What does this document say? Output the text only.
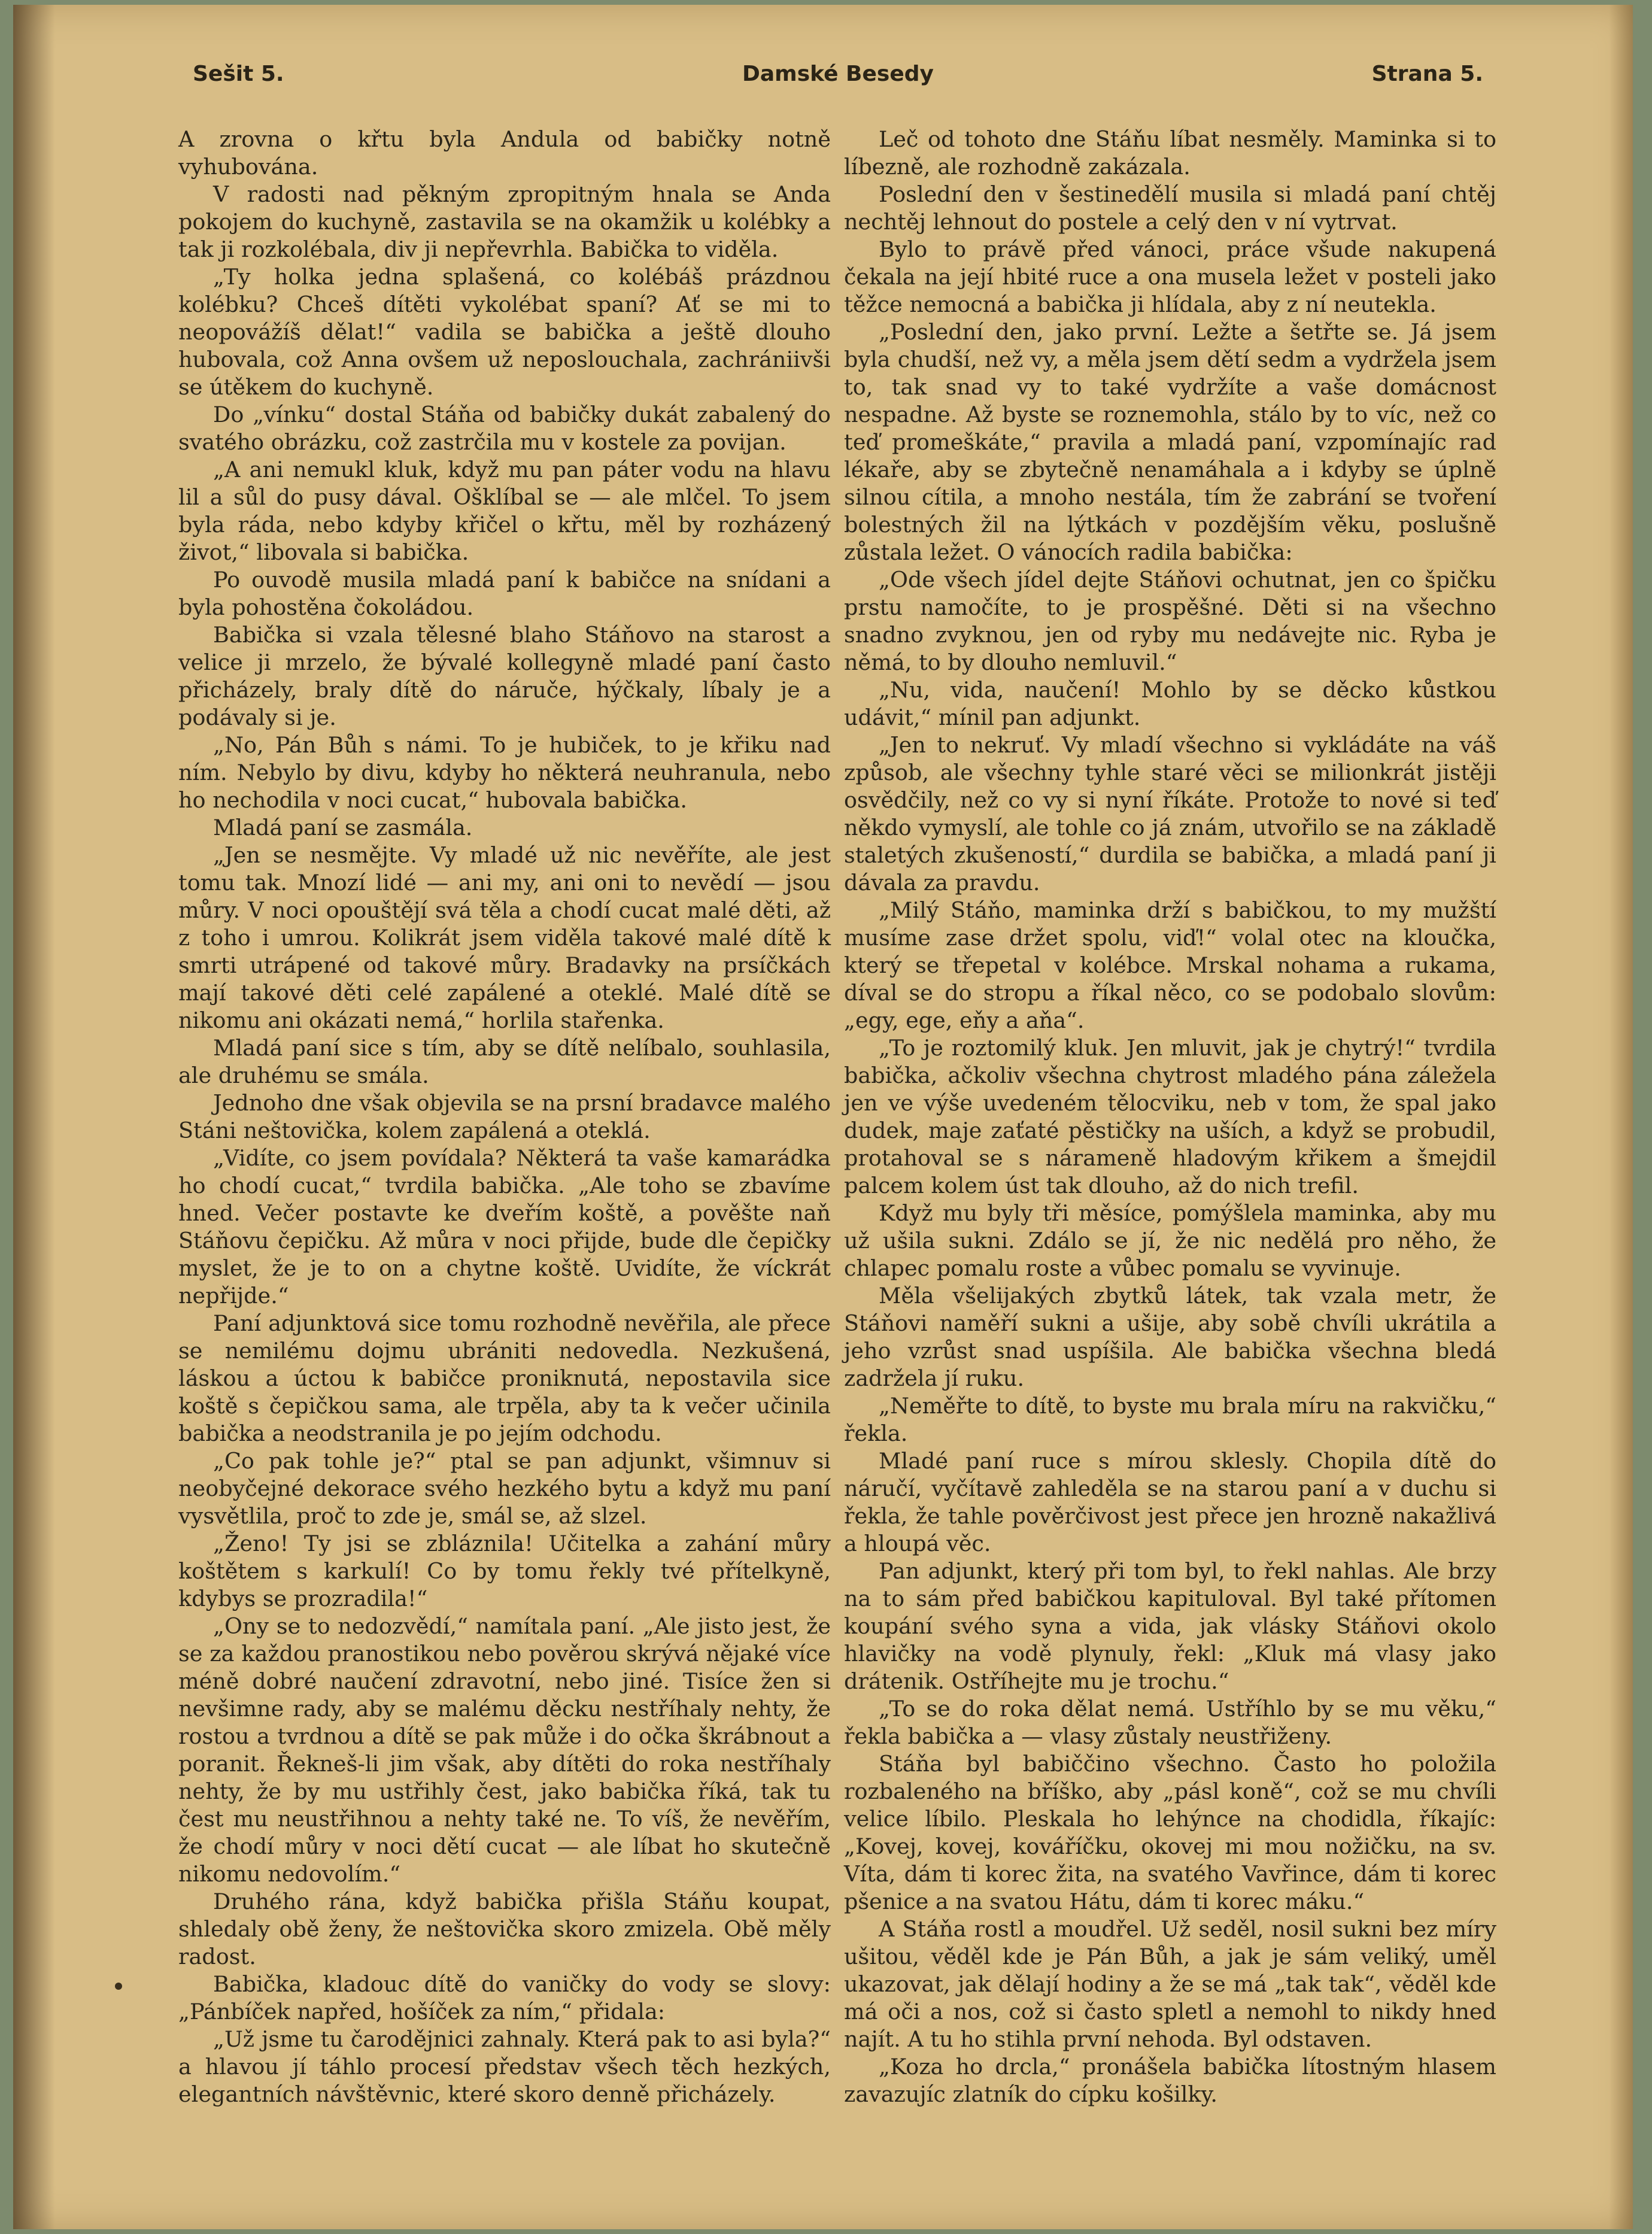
Sešit 5.	Damské Besedy	Strana 5.

A zrovna o křtu byla Andula od babičky notně vyhubována.

V radosti nad pěkným zpropitným hnala se Anda pokojem do kuchyně, zastavila se na okamžik u kolébky a tak ji rozkolébala, div ji nepřevrhla. Babička to viděla.

„Ty holka jedna splašená, co kolébáš prázdnou kolébku? Chceš dítěti vykolébat spaní? Ať se mi to neopovážíš dělat!“ vadila se babička a ještě dlouho hubovala, což Anna ovšem už neposlouchala, zachrániivši se útěkem do kuchyně.

Do „vínku“ dostal Stáňa od babičky dukát zabalený do svatého obrázku, což zastrčila mu v kostele za povijan.

„A ani nemukl kluk, když mu pan páter vodu na hlavu lil a sůl do pusy dával. Ošklíbal se — ale mlčel. To jsem byla ráda, nebo kdyby křičel o křtu, měl by rozházený život,“ libovala si babička.

Po ouvodě musila mladá paní k babičce na snídani a byla pohostěna čokoládou.

Babička si vzala tělesné blaho Stáňovo na starost a velice ji mrzelo, že bývalé kollegyně mladé paní často přicházely, braly dítě do náruče, hýčkaly, líbaly je a podávaly si je.

„No, Pán Bůh s námi. To je hubiček, to je křiku nad ním. Nebylo by divu, kdyby ho některá neuhranula, nebo ho nechodila v noci cucat,“ hubovala babička.

Mladá paní se zasmála.

„Jen se nesmějte. Vy mladé už nic nevěříte, ale jest tomu tak. Mnozí lidé — ani my, ani oni to nevědí — jsou můry. V noci opouštějí svá těla a chodí cucat malé děti, až z toho i umrou. Kolikrát jsem viděla takové malé dítě k smrti utrápené od takové můry. Bradavky na prsíčkách mají takové děti celé zapálené a oteklé. Malé dítě se nikomu ani okázati nemá,“ horlila stařenka.

Mladá paní sice s tím, aby se dítě nelíbalo, souhlasila, ale druhému se smála.

Jednoho dne však objevila se na prsní bradavce malého Stáni neštovička, kolem zapálená a oteklá.

„Vidíte, co jsem povídala? Některá ta vaše kamarádka ho chodí cucat,“ tvrdila babička. „Ale toho se zbavíme hned. Večer postavte ke dveřím koště, a pověšte naň Stáňovu čepičku. Až můra v noci přijde, bude dle čepičky myslet, že je to on a chytne koště. Uvidíte, že víckrát nepřijde.“

Paní adjunktová sice tomu rozhodně nevěřila, ale přece se nemilému dojmu ubrániti nedovedla. Nezkušená, láskou a úctou k babičce proniknutá, nepostavila sice koště s čepičkou sama, ale trpěla, aby ta k večer učinila babička a neodstranila je po jejím odchodu.

„Co pak tohle je?“ ptal se pan adjunkt, všimnuv si neobyčejné dekorace svého hezkého bytu a když mu paní vysvětlila, proč to zde je, smál se, až slzel.

„Ženo! Ty jsi se zbláznila! Učitelka a zahání můry koštětem s karkulí! Co by tomu řekly tvé přítelkyně, kdybys se prozradila!“

„Ony se to nedozvědí,“ namítala paní. „Ale jisto jest, že se za každou pranostikou nebo pověrou skrývá nějaké více méně dobré naučení zdravotní, nebo jiné. Tisíce žen si nevšimne rady, aby se malému děcku nestříhaly nehty, že rostou a tvrdnou a dítě se pak může i do očka škrábnout a poranit. Řekneš-li jim však, aby dítěti do roka nestříhaly nehty, že by mu ustřihly čest, jako babička říká, tak tu čest mu neustřihnou a nehty také ne. To víš, že nevěřím, že chodí můry v noci dětí cucat — ale líbat ho skutečně nikomu nedovolím.“

Druhého rána, když babička přišla Stáňu koupat, shledaly obě ženy, že neštovička skoro zmizela. Obě měly radost.

Babička, kladouc dítě do vaničky do vody se slovy: „Pánbíček napřed, hošíček za ním,“ přidala:

„Už jsme tu čarodějnici zahnaly. Která pak to asi byla?“ a hlavou jí táhlo procesí představ všech těch hezkých, elegantních návštěvnic, které skoro denně přicházely.

Leč od tohoto dne Stáňu líbat nesměly. Maminka si to líbezně, ale rozhodně zakázala.

Poslední den v šestinedělí musila si mladá paní chtěj nechtěj lehnout do postele a celý den v ní vytrvat.

Bylo to právě před vánoci, práce všude nakupená čekala na její hbité ruce a ona musela ležet v posteli jako těžce nemocná a babička ji hlídala, aby z ní neutekla.

„Poslední den, jako první. Ležte a šetřte se. Já jsem byla chudší, než vy, a měla jsem dětí sedm a vydržela jsem to, tak snad vy to také vydržíte a vaše domácnost nespadne. Až byste se roznemohla, stálo by to víc, než co teď promeškáte,“ pravila a mladá paní, vzpomínajíc rad lékaře, aby se zbytečně nenamáhala a i kdyby se úplně silnou cítila, a mnoho nestála, tím že zabrání se tvoření bolestných žil na lýtkách v pozdějším věku, poslušně zůstala ležet. O vánocích radila babička:

„Ode všech jídel dejte Stáňovi ochutnat, jen co špičku prstu namočíte, to je prospěšné. Děti si na všechno snadno zvyknou, jen od ryby mu nedávejte nic. Ryba je němá, to by dlouho nemluvil.“

„Nu, vida, naučení! Mohlo by se děcko kůstkou udávit,“ mínil pan adjunkt.

„Jen to nekruť. Vy mladí všechno si vykládáte na váš způsob, ale všechny tyhle staré věci se milionkrát jistěji osvědčily, než co vy si nyní říkáte. Protože to nové si teď někdo vymyslí, ale tohle co já znám, utvořilo se na základě staletých zkušeností,“ durdila se babička, a mladá paní ji dávala za pravdu.

„Milý Stáňo, maminka drží s babičkou, to my mužští musíme zase držet spolu, viď!“ volal otec na kloučka, který se třepetal v kolébce. Mrskal nohama a rukama, díval se do stropu a říkal něco, co se podobalo slovům: „egy, ege, eňy a aňa“.

„To je roztomilý kluk. Jen mluvit, jak je chytrý!“ tvrdila babička, ačkoliv všechna chytrost mladého pána záležela jen ve výše uvedeném tělocviku, neb v tom, že spal jako dudek, maje zaťaté pěstičky na uších, a když se probudil, protahoval se s nárameně hladovým křikem a šmejdil palcem kolem úst tak dlouho, až do nich trefil.

Když mu byly tři měsíce, pomýšlela maminka, aby mu už ušila sukni. Zdálo se jí, že nic nedělá pro něho, že chlapec pomalu roste a vůbec pomalu se vyvinuje.

Měla všelijakých zbytků látek, tak vzala metr, že Stáňovi naměří sukni a ušije, aby sobě chvíli ukrátila a jeho vzrůst snad uspíšila. Ale babička všechna bledá zadržela jí ruku.

„Neměřte to dítě, to byste mu brala míru na rakvičku,“ řekla.

Mladé paní ruce s mírou sklesly. Chopila dítě do náručí, vyčítavě zahleděla se na starou paní a v duchu si řekla, že tahle pověrčivost jest přece jen hrozně nakažlivá a hloupá věc.

Pan adjunkt, který při tom byl, to řekl nahlas. Ale brzy na to sám před babičkou kapituloval. Byl také přítomen koupání svého syna a vida, jak vlásky Stáňovi okolo hlavičky na vodě plynuly, řekl: „Kluk má vlasy jako drátenik. Ostříhejte mu je trochu.“

„To se do roka dělat nemá. Ustříhlo by se mu věku,“ řekla babička a — vlasy zůstaly neustřiženy.

Stáňa byl babiččino všechno. Často ho položila rozbaleného na bříško, aby „pásl koně“, což se mu chvíli velice líbilo. Pleskala ho lehýnce na chodidla, říkajíc: „Kovej, kovej, kováříčku, okovej mi mou nožičku, na sv. Víta, dám ti korec žita, na svatého Vavřince, dám ti korec pšenice a na svatou Hátu, dám ti korec máku.“

A Stáňa rostl a moudřel. Už seděl, nosil sukni bez míry ušitou, věděl kde je Pán Bůh, a jak je sám veliký, uměl ukazovat, jak dělají hodiny a že se má „tak tak“, věděl kde má oči a nos, což si často spletl a nemohl to nikdy hned najít. A tu ho stihla první nehoda. Byl odstaven.

„Koza ho drcla,“ pronášela babička lítostným hlasem zavazujíc zlatník do cípku košilky.
